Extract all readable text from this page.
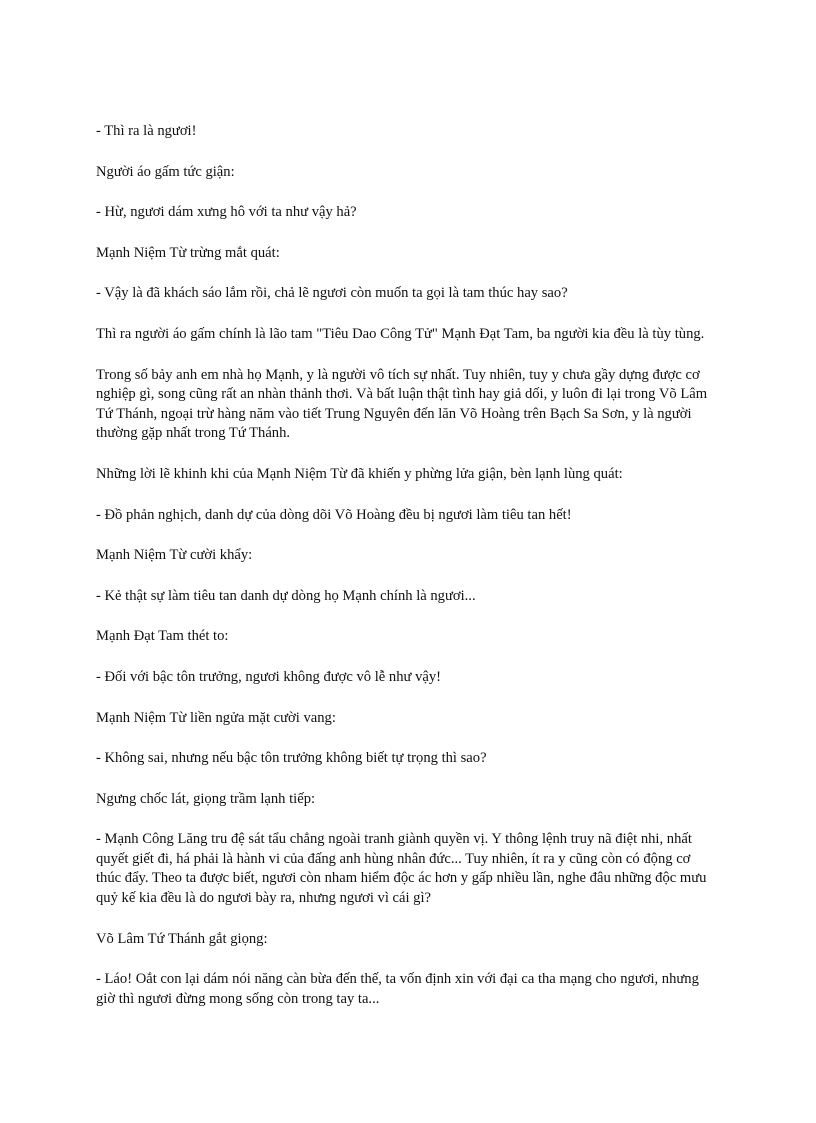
- Thì ra là ngươi!

Người áo gấm tức giận:

- Hừ, ngươi dám xưng hô với ta như vậy hả?

Mạnh Niệm Từ trừng mắt quát:

- Vậy là đã khách sáo lắm rồi, chả lẽ ngươi còn muốn ta gọi là tam thúc hay sao?

Thì ra người áo gấm chính là lão tam "Tiêu Dao Công Tử" Mạnh Đạt Tam, ba người kia đều là tùy tùng.

Trong số bảy anh em nhà họ Mạnh, y là người vô tích sự nhất. Tuy nhiên, tuy y chưa gầy dựng được cơ nghiệp gì, song cũng rất an nhàn thảnh thơi. Và bất luận thật tình hay giả dối, y luôn đi lại trong Võ Lâm Tứ Thánh, ngoại trừ hàng năm vào tiết Trung Nguyên đến lăn Võ Hoàng trên Bạch Sa Sơn, y là người thường gặp nhất trong Tứ Thánh.

Những lời lẽ khinh khi của Mạnh Niệm Từ đã khiến y phừng lửa giận, bèn lạnh lùng quát:

- Đồ phản nghịch, danh dự của dòng dõi Võ Hoàng đều bị ngươi làm tiêu tan hết!

Mạnh Niệm Từ cười khẩy:

- Kẻ thật sự làm tiêu tan danh dự dòng họ Mạnh chính là ngươi...

Mạnh Đạt Tam thét to:

- Đối với bậc tôn trưởng, ngươi không được vô lễ như vậy!

Mạnh Niệm Từ liền ngửa mặt cười vang:

- Không sai, nhưng nếu bậc tôn trưởng không biết tự trọng thì sao?

Ngưng chốc lát, giọng trầm lạnh tiếp:

- Mạnh Công Lăng tru đệ sát tẩu chẳng ngoài tranh giành quyền vị. Y thông lệnh truy nã điệt nhi, nhất quyết giết đi, há phải là hành vi của đấng anh hùng nhân đức... Tuy nhiên, ít ra y cũng còn có động cơ thúc đẩy. Theo ta được biết, ngươi còn nham hiểm độc ác hơn y gấp nhiều lần, nghe đâu những độc mưu quỷ kế kia đều là do ngươi bày ra, nhưng ngươi vì cái gì?

Võ Lâm Tứ Thánh gắt giọng:

- Láo! Oắt con lại dám nói năng càn bừa đến thế, ta vốn định xin với đại ca tha mạng cho ngươi, nhưng giờ thì ngươi đừng mong sống còn trong tay ta...
